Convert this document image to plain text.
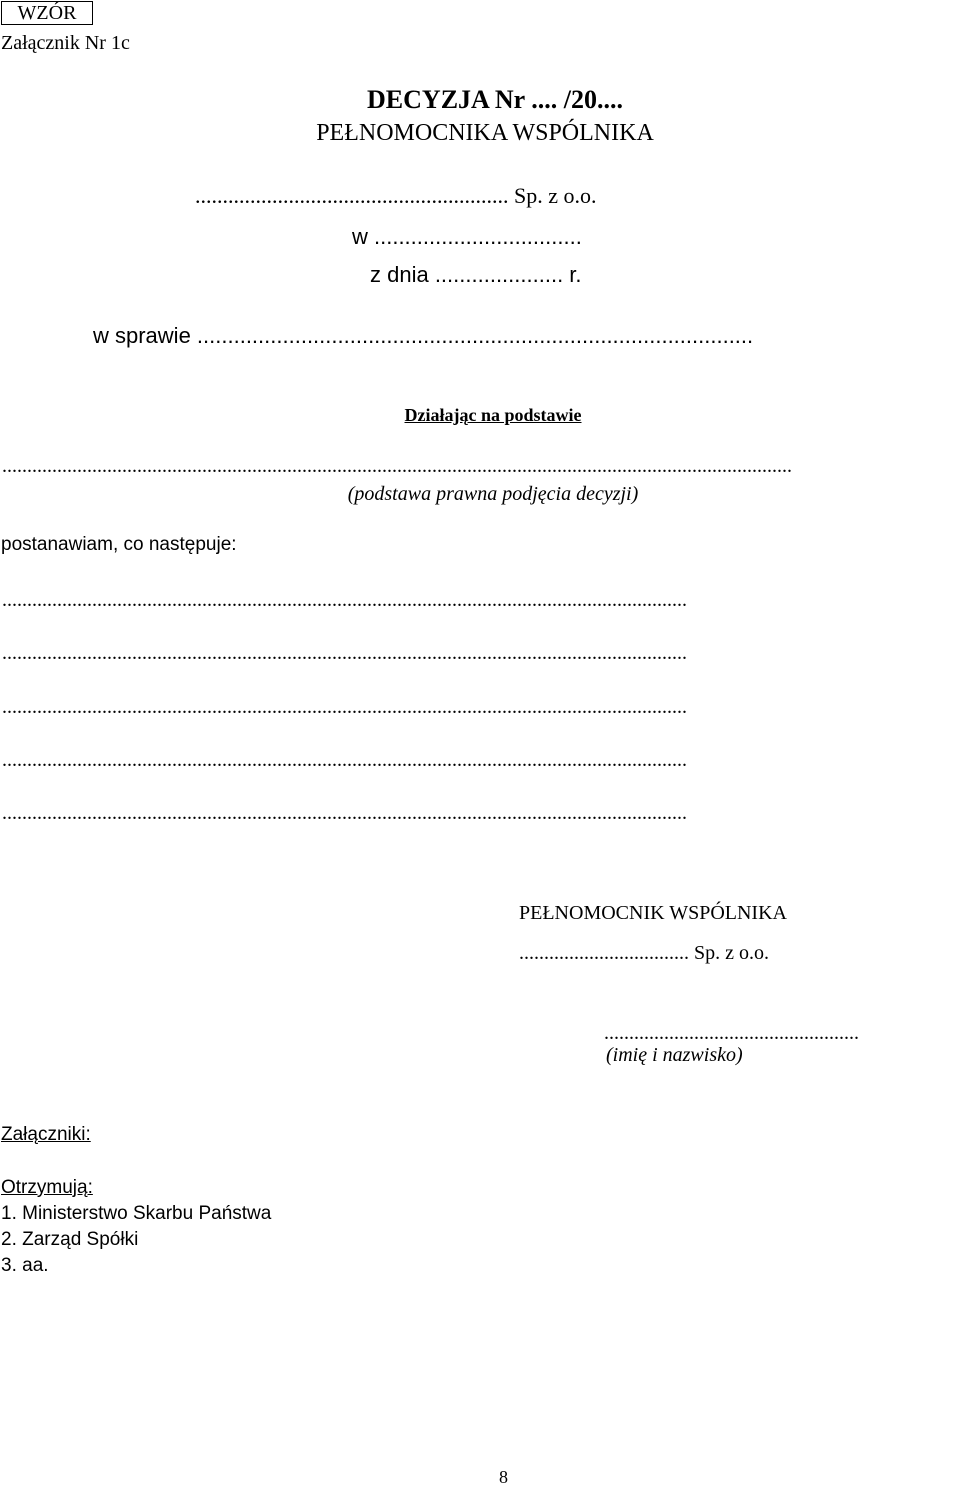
WZÓR
Załącznik Nr 1c
DECYZJA Nr .... /20....
PEŁNOMOCNIKA WSPÓLNIKA
......................................................... Sp. z o.o.
w ..................................
z dnia ..................... r.
w sprawie ...........................................................................................
Działając na podstawie
..............................................................................................................................................................
(podstawa prawna podjęcia decyzji)
postanawiam, co następuje:
.........................................................................................................................................
.........................................................................................................................................
.........................................................................................................................................
.........................................................................................................................................
.........................................................................................................................................
PEŁNOMOCNIK WSPÓLNIKA
.................................. Sp. z o.o.
...................................................
(imię i nazwisko)
Załączniki:
Otrzymują:
1. Ministerstwo Skarbu Państwa
2. Zarząd Spółki
3. aa.
8
